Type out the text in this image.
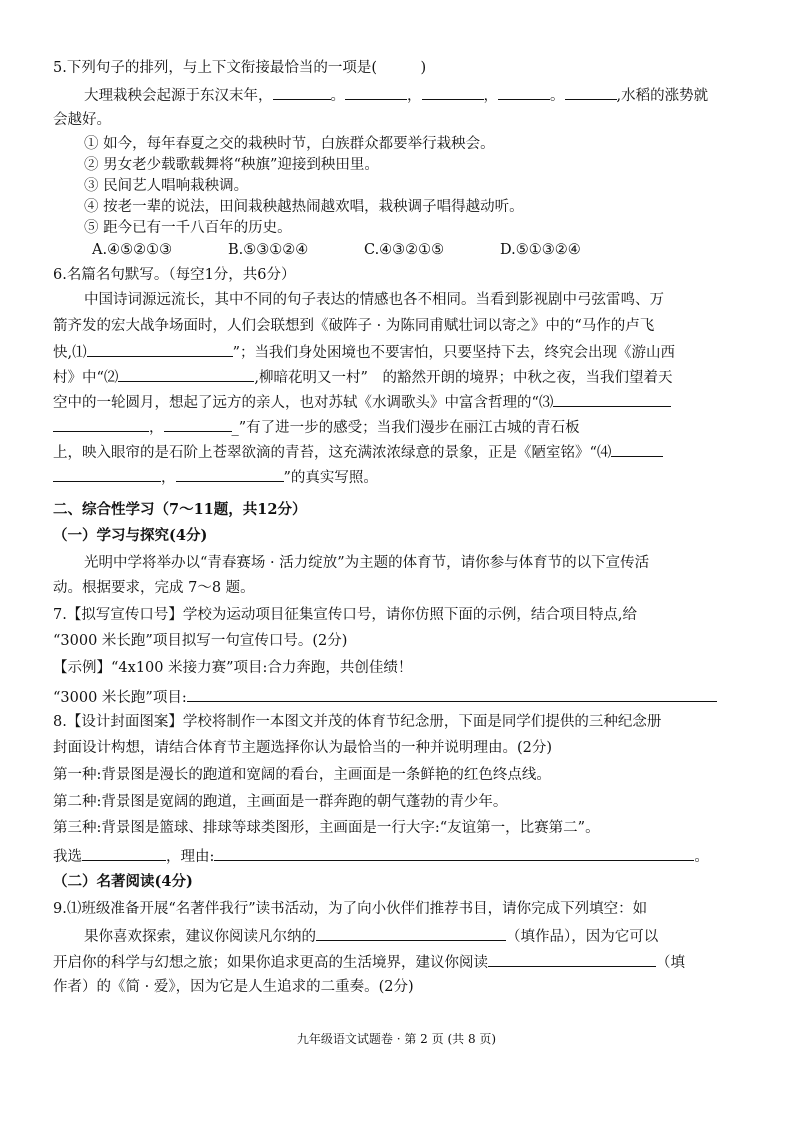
5.下列句子的排列，与上下文衔接最恰当的一项是(　　　)
大理栽秧会起源于东汉末年，	。	，	，	。	,水稻的涨势就
会越好。
① 如今，每年春夏之交的栽秧时节，白族群众都要举行栽秧会。
② 男女老少载歌载舞将“秧旗”迎接到秧田里。
③ 民间艺人唱响栽秧调。
④ 按老一辈的说法，田间栽秧越热闹越欢唱，栽秧调子唱得越动听。
⑤ 距今已有一千八百年的历史。
A.④⑤②①③	B.⑤③①②④	C.④③②①⑤	D.⑤①③②④
6.名篇名句默写。（每空1分，共6分）
中国诗词源远流长，其中不同的句子表达的情感也各不相同。当看到影视剧中弓弦雷鸣、万
箭齐发的宏大战争场面时，人们会联想到《破阵子 · 为陈同甫赋壮词以寄之》中的“马作的卢飞
快,⑴	”；当我们身处困境也不要害怕，只要坚持下去，终究会出现《游山西
村》中“⑵	,柳暗花明又一村”　的豁然开朗的境界；中秋之夜，当我们望着天
空中的一轮圆月，想起了远方的亲人，也对苏轼《水调歌头》中富含哲理的“⑶
，	_”有了进一步的感受；当我们漫步在丽江古城的青石板
上，映入眼帘的是石阶上苍翠欲滴的青苔，这充满浓浓绿意的景象，正是《陋室铭》“⑷
，	”的真实写照。
二、综合性学习（7～11题，共12分）
（一）学习与探究(4分)
光明中学将举办以“青春赛场 · 活力绽放”为主题的体育节，请你参与体育节的以下宣传活
动。根据要求，完成 7～8 题。
7.【拟写宣传口号】学校为运动项目征集宣传口号，请你仿照下面的示例，结合项目特点,给
“3000 米长跑”项目拟写一句宣传口号。(2分)
【示例】“4x100 米接力赛”项目:合力奔跑，共创佳绩！
“3000 米长跑”项目:
8.【设计封面图案】学校将制作一本图文并茂的体育节纪念册，下面是同学们提供的三种纪念册
封面设计构想，请结合体育节主题选择你认为最恰当的一种并说明理由。(2分)
第一种:背景图是漫长的跑道和宽阔的看台，主画面是一条鲜艳的红色终点线。
第二种:背景图是宽阔的跑道，主画面是一群奔跑的朝气蓬勃的青少年。
第三种:背景图是篮球、排球等球类图形，主画面是一行大字:“友谊第一，比赛第二”。
我选	，理由:	。
（二）名著阅读(4分)
9.⑴班级准备开展“名著伴我行”读书活动，为了向小伙伴们推荐书目，请你完成下列填空：如
果你喜欢探索，建议你阅读凡尔纳的	（填作品），因为它可以
开启你的科学与幻想之旅；如果你追求更高的生活境界，建议你阅读	（填
作者）的《简 · 爱》，因为它是人生追求的二重奏。(2分)
九年级语文试题卷 · 第 2 页 (共 8 页)
